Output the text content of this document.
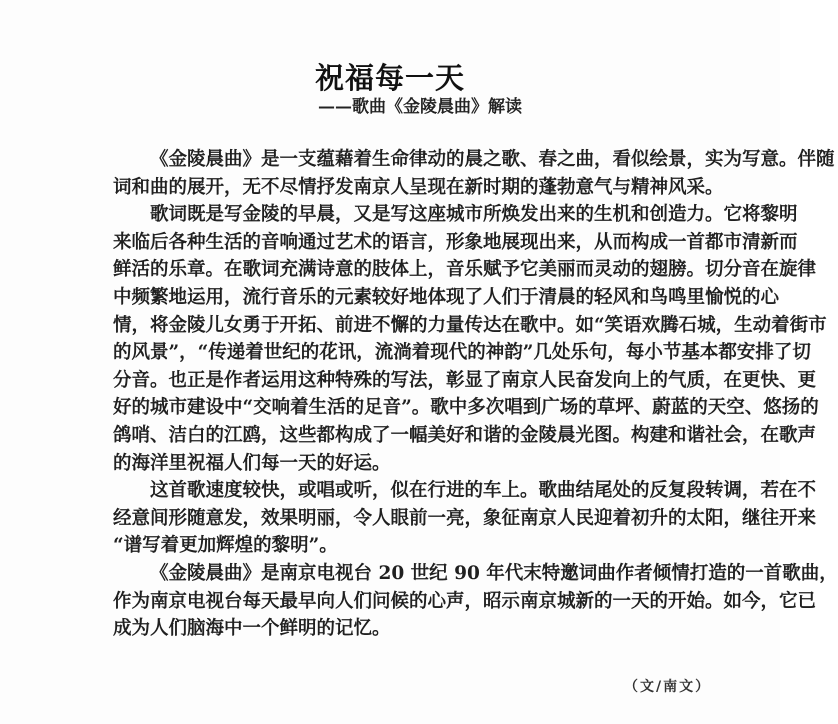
祝福每一天
——歌曲《金陵晨曲》解读

《金陵晨曲》是一支蕴藉着生命律动的晨之歌、春之曲，看似绘景，实为写意。伴随
词和曲的展开，无不尽情抒发南京人呈现在新时期的蓬勃意气与精神风采。

歌词既是写金陵的早晨，又是写这座城市所焕发出来的生机和创造力。它将黎明
来临后各种生活的音响通过艺术的语言，形象地展现出来，从而构成一首都市清新而
鲜活的乐章。在歌词充满诗意的肢体上，音乐赋予它美丽而灵动的翅膀。切分音在旋律
中频繁地运用，流行音乐的元素较好地体现了人们于清晨的轻风和鸟鸣里愉悦的心
情，将金陵儿女勇于开拓、前进不懈的力量传达在歌中。如“笑语欢腾石城，生动着街市
的风景”，“传递着世纪的花讯，流淌着现代的神韵”几处乐句，每小节基本都安排了切
分音。也正是作者运用这种特殊的写法，彰显了南京人民奋发向上的气质，在更快、更
好的城市建设中“交响着生活的足音”。歌中多次唱到广场的草坪、蔚蓝的天空、悠扬的
鸽哨、洁白的江鸥，这些都构成了一幅美好和谐的金陵晨光图。构建和谐社会，在歌声
的海洋里祝福人们每一天的好运。

这首歌速度较快，或唱或听，似在行进的车上。歌曲结尾处的反复段转调，若在不
经意间形随意发，效果明丽，令人眼前一亮，象征南京人民迎着初升的太阳，继往开来
“谱写着更加辉煌的黎明”。

《金陵晨曲》是南京电视台 20 世纪 90 年代末特邀词曲作者倾情打造的一首歌曲，
作为南京电视台每天最早向人们问候的心声，昭示南京城新的一天的开始。如今，它已
成为人们脑海中一个鲜明的记忆。

（文/南文）
